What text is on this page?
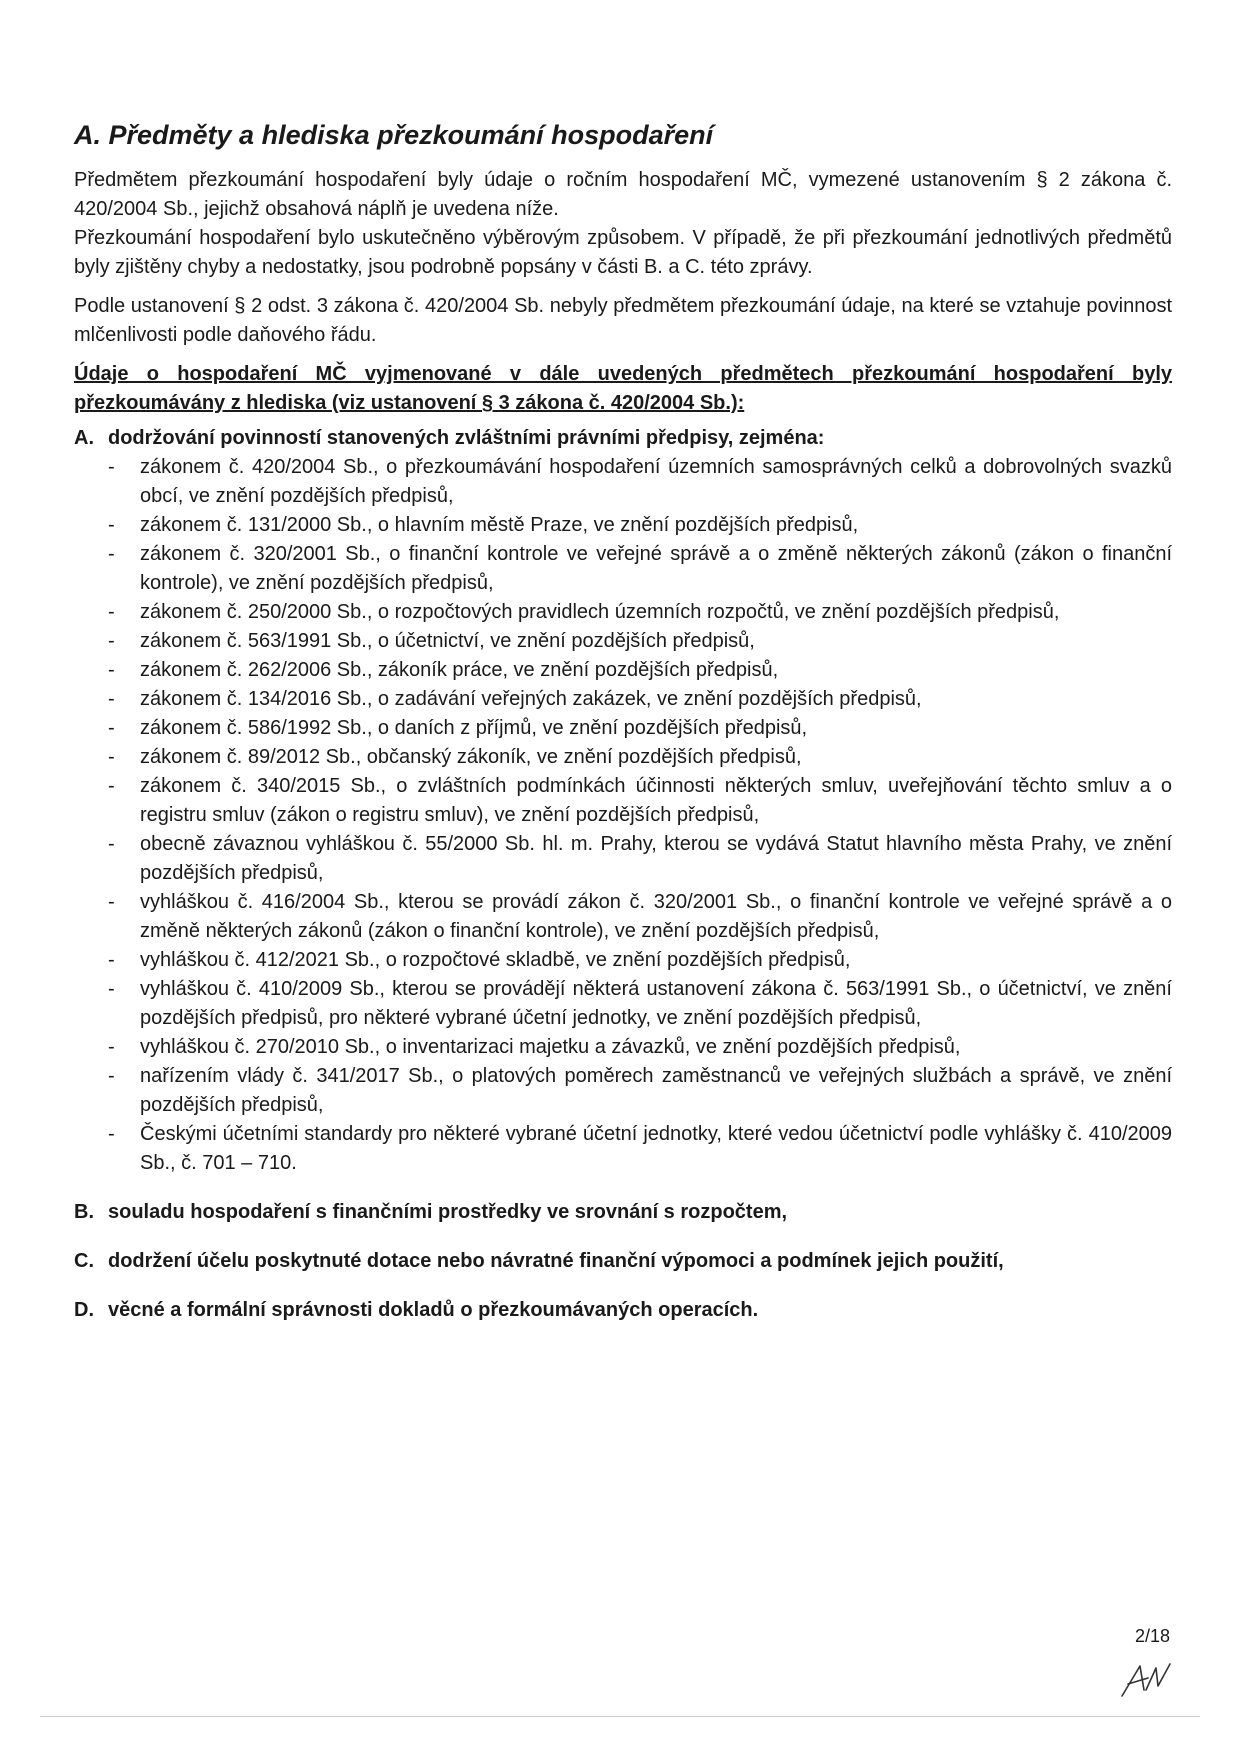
A. Předměty a hlediska přezkoumání hospodaření

Předmětem přezkoumání hospodaření byly údaje o ročním hospodaření MČ, vymezené ustanovením § 2 zákona č. 420/2004 Sb., jejichž obsahová náplň je uvedena níže.

Přezkoumání hospodaření bylo uskutečněno výběrovým způsobem. V případě, že při přezkoumání jednotlivých předmětů byly zjištěny chyby a nedostatky, jsou podrobně popsány v části B. a C. této zprávy.

Podle ustanovení § 2 odst. 3 zákona č. 420/2004 Sb. nebyly předmětem přezkoumání údaje, na které se vztahuje povinnost mlčenlivosti podle daňového řádu.

Údaje o hospodaření MČ vyjmenované v dále uvedených předmětech přezkoumání hospodaření byly přezkoumávány z hlediska (viz ustanovení § 3 zákona č. 420/2004 Sb.):

A. dodržování povinností stanovených zvláštními právními předpisy, zejména:
-	zákonem č. 420/2004 Sb., o přezkoumávání hospodaření územních samosprávných celků a dobrovolných svazků obcí, ve znění pozdějších předpisů,
-	zákonem č. 131/2000 Sb., o hlavním městě Praze, ve znění pozdějších předpisů,
-	zákonem č. 320/2001 Sb., o finanční kontrole ve veřejné správě a o změně některých zákonů (zákon o finanční kontrole), ve znění pozdějších předpisů,
-	zákonem č. 250/2000 Sb., o rozpočtových pravidlech územních rozpočtů, ve znění pozdějších předpisů,
-	zákonem č. 563/1991 Sb., o účetnictví, ve znění pozdějších předpisů,
-	zákonem č. 262/2006 Sb., zákoník práce, ve znění pozdějších předpisů,
-	zákonem č. 134/2016 Sb., o zadávání veřejných zakázek, ve znění pozdějších předpisů,
-	zákonem č. 586/1992 Sb., o daních z příjmů, ve znění pozdějších předpisů,
-	zákonem č. 89/2012 Sb., občanský zákoník, ve znění pozdějších předpisů,
-	zákonem č. 340/2015 Sb., o zvláštních podmínkách účinnosti některých smluv, uveřejňování těchto smluv a o registru smluv (zákon o registru smluv), ve znění pozdějších předpisů,
-	obecně závaznou vyhláškou č. 55/2000 Sb. hl. m. Prahy, kterou se vydává Statut hlavního města Prahy, ve znění pozdějších předpisů,
-	vyhláškou č. 416/2004 Sb., kterou se provádí zákon č. 320/2001 Sb., o finanční kontrole ve veřejné správě a o změně některých zákonů (zákon o finanční kontrole), ve znění pozdějších předpisů,
-	vyhláškou č. 412/2021 Sb., o rozpočtové skladbě, ve znění pozdějších předpisů,
-	vyhláškou č. 410/2009 Sb., kterou se provádějí některá ustanovení zákona č. 563/1991 Sb., o účetnictví, ve znění pozdějších předpisů, pro některé vybrané účetní jednotky, ve znění pozdějších předpisů,
-	vyhláškou č. 270/2010 Sb., o inventarizaci majetku a závazků, ve znění pozdějších předpisů,
-	nařízením vlády č. 341/2017 Sb., o platových poměrech zaměstnanců ve veřejných službách a správě, ve znění pozdějších předpisů,
-	Českými účetními standardy pro některé vybrané účetní jednotky, které vedou účetnictví podle vyhlášky č. 410/2009 Sb., č. 701 – 710.
B. souladu hospodaření s finančními prostředky ve srovnání s rozpočtem,
C. dodržení účelu poskytnuté dotace nebo návratné finanční výpomoci a podmínek jejich použití,
D. věcné a formální správnosti dokladů o přezkoumávaných operacích.
2/18
